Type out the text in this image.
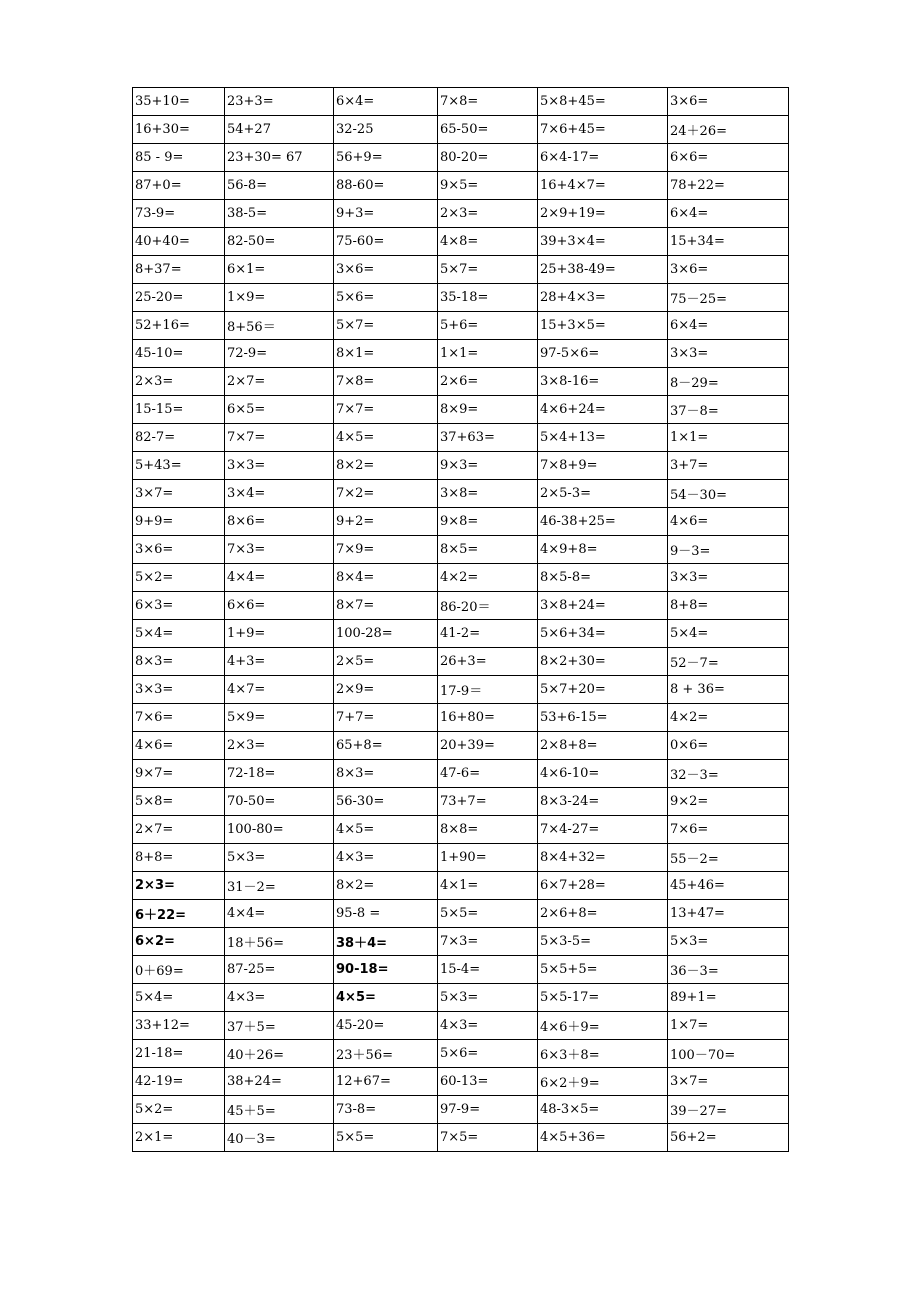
35+10=	23+3=	6×4=	7×8=	5×8+45=	3×6=
16+30=	54+27	32-25	65-50=	7×6+45=	24＋26=
85 - 9=	23+30= 67	56+9=	80-20=	6×4-17=	6×6=
87+0=	56-8=	88-60=	9×5=	16+4×7=	78+22=
73-9=	38-5=	9+3=	2×3=	2×9+19=	6×4=
40+40=	82-50=	75-60=	4×8=	39+3×4=	15+34=
8+37=	6×1=	3×6=	5×7=	25+38-49=	3×6=
25-20=	1×9=	5×6=	35-18=	28+4×3=	75－25=
52+16=	8+56＝	5×7=	5+6=	15+3×5=	6×4=
45-10=	72-9=	8×1=	1×1=	97-5×6=	3×3=
2×3=	2×7=	7×8=	2×6=	3×8-16=	8－29=
15-15=	6×5=	7×7=	8×9=	4×6+24=	37－8=
82-7=	7×7=	4×5=	37+63=	5×4+13=	1×1=
5+43=	3×3=	8×2=	9×3=	7×8+9=	3+7=
3×7=	3×4=	7×2=	3×8=	2×5-3=	54－30=
9+9=	8×6=	9+2=	9×8=	46-38+25=	4×6=
3×6=	7×3=	7×9=	8×5=	4×9+8=	9－3=
5×2=	4×4=	8×4=	4×2=	8×5-8=	3×3=
6×3=	6×6=	8×7=	86-20＝	3×8+24=	8+8=
5×4=	1+9=	100-28=	41-2=	5×6+34=	5×4=
8×3=	4+3=	2×5=	26+3=	8×2+30=	52－7=
3×3=	4×7=	2×9=	17-9＝	5×7+20=	8 + 36=
7×6=	5×9=	7+7=	16+80=	53+6-15=	4×2=
4×6=	2×3=	65+8=	20+39=	2×8+8=	0×6=
9×7=	72-18=	8×3=	47-6=	4×6-10=	32－3=
5×8=	70-50=	56-30=	73+7=	8×3-24=	9×2=
2×7=	100-80=	4×5=	8×8=	7×4-27=	7×6=
8+8=	5×3=	4×3=	1+90=	8×4+32=	55－2=
2×3=	31－2=	8×2=	4×1=	6×7+28=	45+46=
6＋22=	4×4=	95-8 =	5×5=	2×6+8=	13+47=
6×2=	18＋56=	38＋4=	7×3=	5×3-5=	5×3=
0＋69=	87-25=	90-18=	15-4=	5×5+5=	36－3=
5×4=	4×3=	4×5=	5×3=	5×5-17=	89+1=
33+12=	37＋5=	45-20=	4×3=	4×6＋9=	1×7=
21-18=	40＋26=	23＋56=	5×6=	6×3＋8=	100－70=
42-19=	38+24=	12+67=	60-13=	6×2＋9=	3×7=
5×2=	45＋5=	73-8=	97-9=	48-3×5=	39－27=
2×1=	40－3=	5×5=	7×5=	4×5+36=	56+2=
